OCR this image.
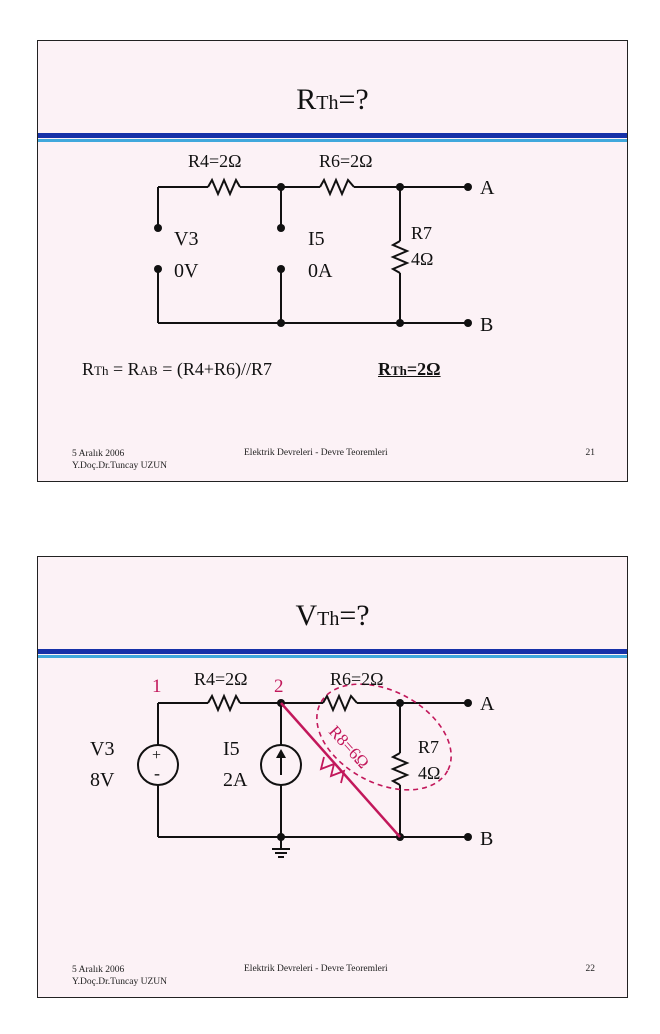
RTh=?
R4=2Ω	R6=2Ω
R7
4Ω
V3
0V
I5
0A
A
B
RTh = RAB = (R4+R6)//R7	RTh=2Ω
5 Aralık 2006
Y.Doç.Dr.Tuncay UZUN
Elektrik Devreleri - Devre Teoremleri	21
VTh=?
1	2
R4=2Ω	R6=2Ω
R7
4Ω
R8=6Ω
V3
8V
I5
2A
+
-
A
B
5 Aralık 2006
Y.Doç.Dr.Tuncay UZUN
Elektrik Devreleri - Devre Teoremleri	22
